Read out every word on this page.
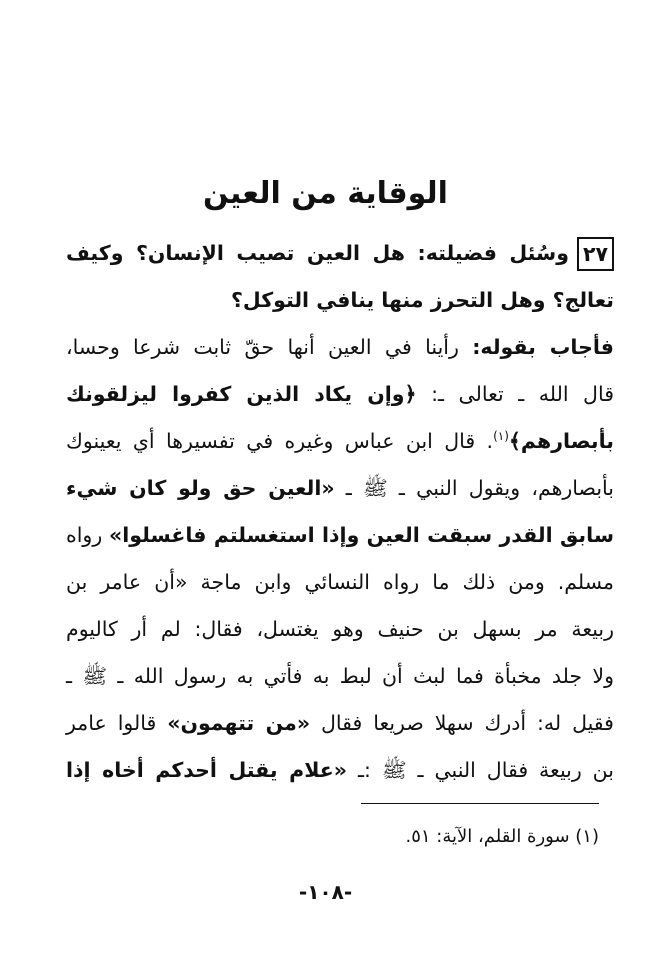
الوقاية من العين
٢٧وسُئل فضيلته: هل العين تصيب الإنسان؟ وكيف
تعالج؟ وهل التحرز منها ينافي التوكل؟
فأجاب بقوله: رأينا في العين أنها حقّ ثابت شرعا وحسا،
قال الله ـ تعالى ـ: ﴿وإن يكاد الذين كفروا ليزلقونك
بأبصارهم﴾$^{(١)}$. قال ابن عباس وغيره في تفسيرها أي يعينوك
بأبصارهم، ويقول النبي ـ ﷺ ـ «العين حق ولو كان شيء
سابق القدر سبقت العين وإذا استغسلتم فاغسلوا» رواه
مسلم. ومن ذلك ما رواه النسائي وابن ماجة «أن عامر بن
ربيعة مر بسهل بن حنيف وهو يغتسل، فقال: لم أر كاليوم
ولا جلد مخبأة فما لبث أن لبط به فأتي به رسول الله ـ ﷺ ـ
فقيل له: أدرك سهلا صريعا فقال «من تتهمون» قالوا عامر
بن ربيعة فقال النبي ـ ﷺ :ـ «علام يقتل أحدكم أخاه إذا
(١) سورة القلم، الآية: ٥١.
-١٠٨-
